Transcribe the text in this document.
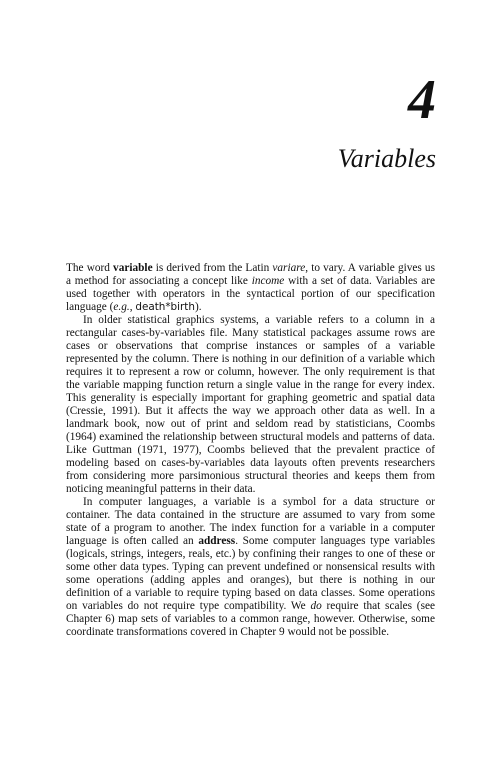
4
Variables

The word variable is derived from the Latin variare, to vary. A variable gives us a method for associating a concept like income with a set of data. Variables are used together with operators in the syntactical portion of our specification language (e.g., death*birth).

In older statistical graphics systems, a variable refers to a column in a rectangular cases-by-variables file. Many statistical packages assume rows are cases or observations that comprise instances or samples of a variable represented by the column. There is nothing in our definition of a variable which requires it to represent a row or column, however. The only requirement is that the variable mapping function return a single value in the range for every index. This generality is especially important for graphing geometric and spatial data (Cressie, 1991). But it affects the way we approach other data as well. In a landmark book, now out of print and seldom read by statisticians, Coombs (1964) examined the relationship between structural models and patterns of data. Like Guttman (1971, 1977), Coombs believed that the prevalent practice of modeling based on cases-by-variables data layouts often prevents researchers from considering more parsimonious structural theories and keeps them from noticing meaningful patterns in their data.

In computer languages, a variable is a symbol for a data structure or container. The data contained in the structure are assumed to vary from some state of a program to another. The index function for a variable in a computer language is often called an address. Some computer languages type variables (logicals, strings, integers, reals, etc.) by confining their ranges to one of these or some other data types. Typing can prevent undefined or nonsensical results with some operations (adding apples and oranges), but there is nothing in our definition of a variable to require typing based on data classes. Some operations on variables do not require type compatibility. We do require that scales (see Chapter 6) map sets of variables to a common range, however. Otherwise, some coordinate transformations covered in Chapter 9 would not be possible.
